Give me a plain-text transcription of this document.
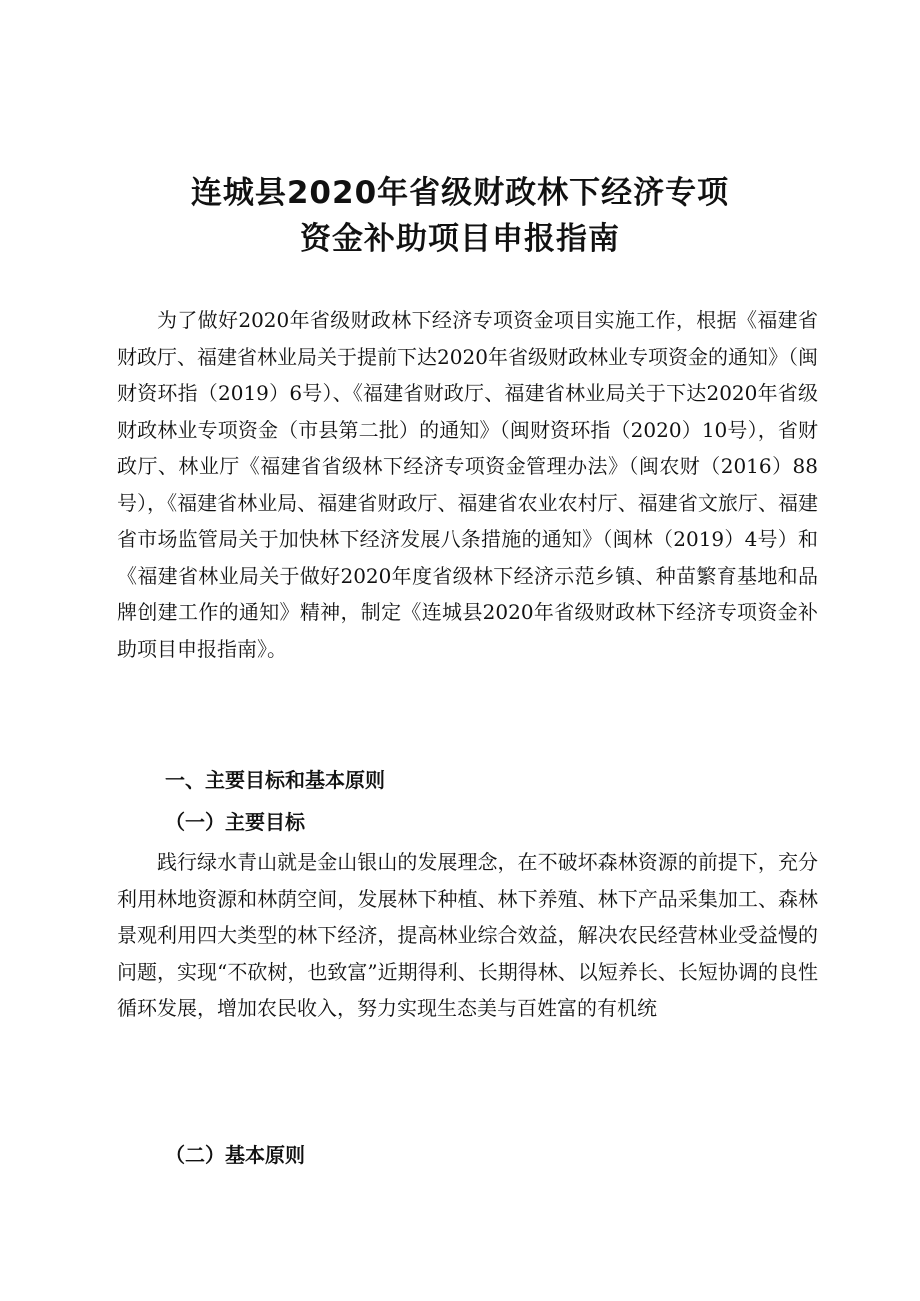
连城县2020年省级财政林下经济专项
资金补助项目申报指南

为了做好2020年省级财政林下经济专项资金项目实施工作，根据《福建省财政厅、福建省林业局关于提前下达2020年省级财政林业专项资金的通知》（闽财资环指（2019）6号）、《福建省财政厅、福建省林业局关于下达2020年省级财政林业专项资金（市县第二批）的通知》（闽财资环指（2020）10号），省财政厅、林业厅《福建省省级林下经济专项资金管理办法》（闽农财（2016）88号），《福建省林业局、福建省财政厅、福建省农业农村厅、福建省文旅厅、福建省市场监管局关于加快林下经济发展八条措施的通知》（闽林（2019）4号）和《福建省林业局关于做好2020年度省级林下经济示范乡镇、种苗繁育基地和品牌创建工作的通知》精神，制定《连城县2020年省级财政林下经济专项资金补助项目申报指南》。

一、主要目标和基本原则

（一）主要目标

践行绿水青山就是金山银山的发展理念，在不破坏森林资源的前提下，充分利用林地资源和林荫空间，发展林下种植、林下养殖、林下产品采集加工、森林景观利用四大类型的林下经济，提高林业综合效益，解决农民经营林业受益慢的问题，实现“不砍树，也致富”近期得利、长期得林、以短养长、长短协调的良性循环发展，增加农民收入，努力实现生态美与百姓富的有机统

（二）基本原则
